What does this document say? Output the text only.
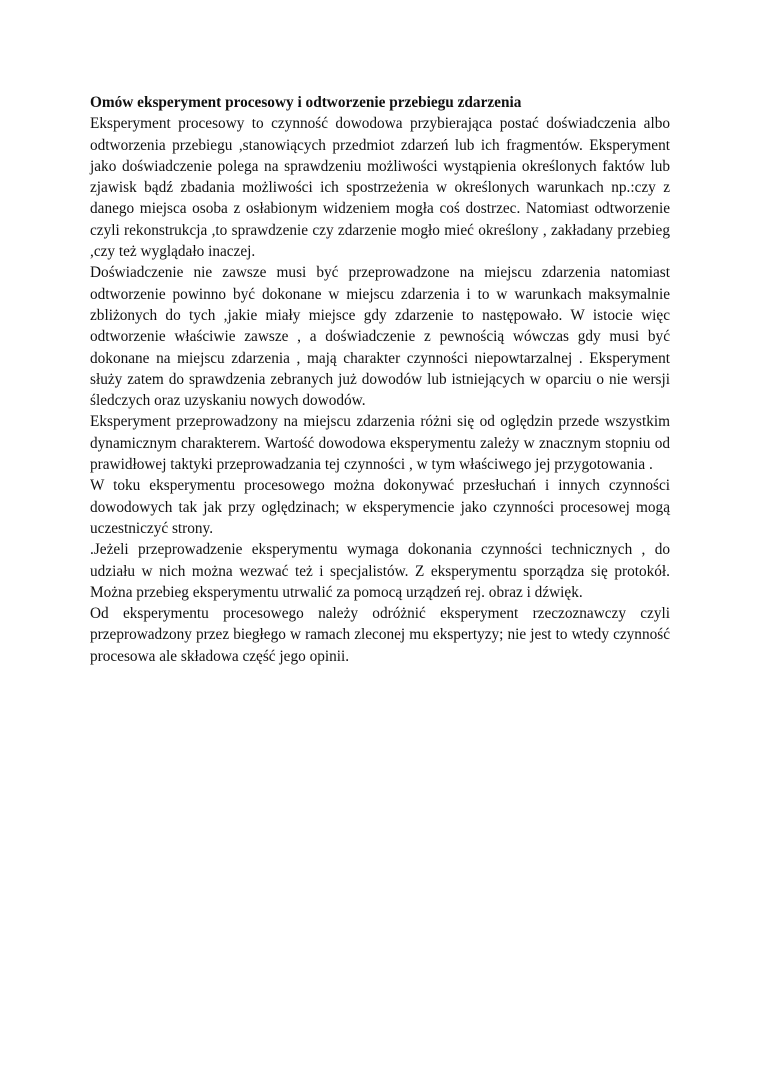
Omów eksperyment procesowy i odtworzenie przebiegu zdarzenia

Eksperyment procesowy to czynność dowodowa przybierająca postać doświadczenia albo odtworzenia przebiegu ,stanowiących przedmiot zdarzeń lub ich fragmentów. Eksperyment jako doświadczenie polega na sprawdzeniu możliwości wystąpienia określonych faktów lub zjawisk bądź zbadania możliwości ich spostrzeżenia w określonych warunkach np.:czy z danego miejsca osoba z osłabionym widzeniem mogła coś dostrzec. Natomiast odtworzenie czyli rekonstrukcja ,to sprawdzenie czy zdarzenie mogło mieć określony , zakładany przebieg ,czy też wyglądało inaczej.

Doświadczenie nie zawsze musi być przeprowadzone na miejscu zdarzenia natomiast odtworzenie powinno być dokonane w miejscu zdarzenia i to w warunkach maksymalnie zbliżonych do tych ,jakie miały miejsce gdy zdarzenie to następowało. W istocie więc odtworzenie właściwie zawsze , a doświadczenie z pewnością wówczas gdy musi być dokonane na miejscu zdarzenia , mają charakter czynności niepowtarzalnej . Eksperyment służy zatem do sprawdzenia zebranych już dowodów lub istniejących w oparciu o nie wersji śledczych oraz uzyskaniu nowych dowodów.

Eksperyment przeprowadzony na miejscu zdarzenia różni się od oględzin przede wszystkim dynamicznym charakterem. Wartość dowodowa eksperymentu zależy w znacznym stopniu od prawidłowej taktyki przeprowadzania tej czynności , w tym właściwego jej przygotowania .

W toku eksperymentu procesowego można dokonywać przesłuchań i innych czynności dowodowych tak jak przy oględzinach; w eksperymencie jako czynności procesowej mogą uczestniczyć strony.

.Jeżeli przeprowadzenie eksperymentu wymaga dokonania czynności technicznych , do udziału w nich można wezwać też i specjalistów. Z eksperymentu sporządza się protokół. Można przebieg eksperymentu utrwalić za pomocą urządzeń rej. obraz i dźwięk.

Od eksperymentu procesowego należy odróżnić eksperyment rzeczoznawczy czyli przeprowadzony przez biegłego w ramach zleconej mu ekspertyzy; nie jest to wtedy czynność procesowa ale składowa część jego opinii.
